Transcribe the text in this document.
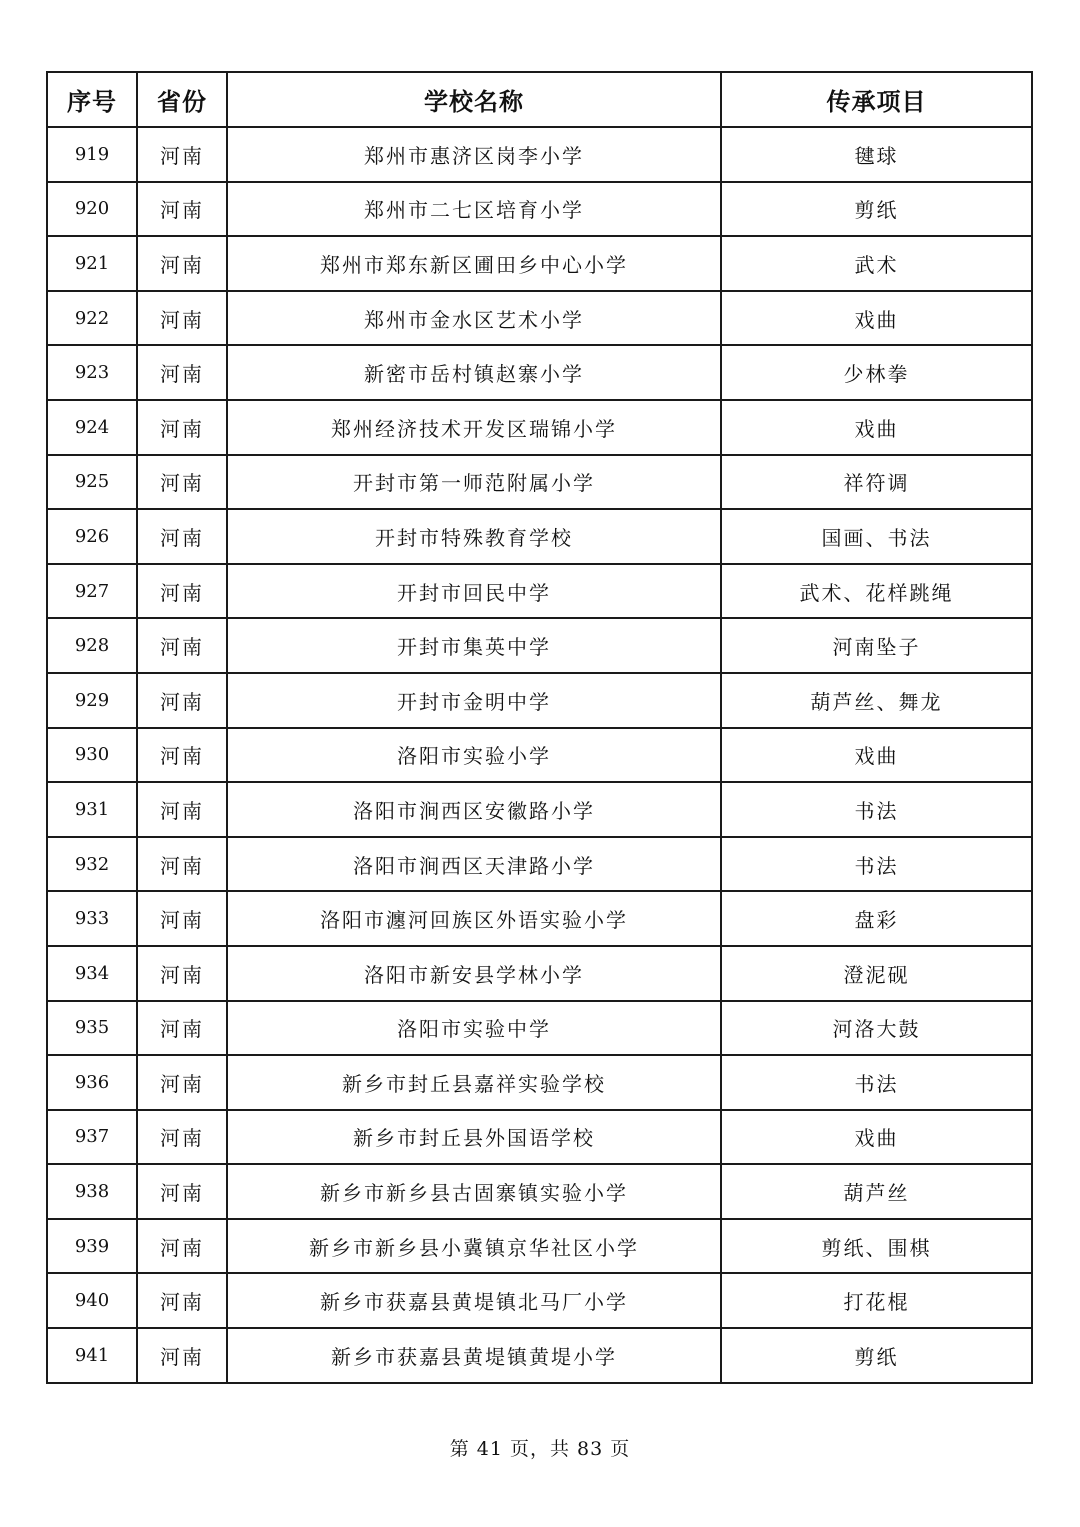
序号	省份	学校名称	传承项目
919	河南	郑州市惠济区岗李小学	毽球
920	河南	郑州市二七区培育小学	剪纸
921	河南	郑州市郑东新区圃田乡中心小学	武术
922	河南	郑州市金水区艺术小学	戏曲
923	河南	新密市岳村镇赵寨小学	少林拳
924	河南	郑州经济技术开发区瑞锦小学	戏曲
925	河南	开封市第一师范附属小学	祥符调
926	河南	开封市特殊教育学校	国画、书法
927	河南	开封市回民中学	武术、花样跳绳
928	河南	开封市集英中学	河南坠子
929	河南	开封市金明中学	葫芦丝、舞龙
930	河南	洛阳市实验小学	戏曲
931	河南	洛阳市涧西区安徽路小学	书法
932	河南	洛阳市涧西区天津路小学	书法
933	河南	洛阳市瀍河回族区外语实验小学	盘彩
934	河南	洛阳市新安县学林小学	澄泥砚
935	河南	洛阳市实验中学	河洛大鼓
936	河南	新乡市封丘县嘉祥实验学校	书法
937	河南	新乡市封丘县外国语学校	戏曲
938	河南	新乡市新乡县古固寨镇实验小学	葫芦丝
939	河南	新乡市新乡县小冀镇京华社区小学	剪纸、围棋
940	河南	新乡市获嘉县黄堤镇北马厂小学	打花棍
941	河南	新乡市获嘉县黄堤镇黄堤小学	剪纸
第 41 页，共 83 页
